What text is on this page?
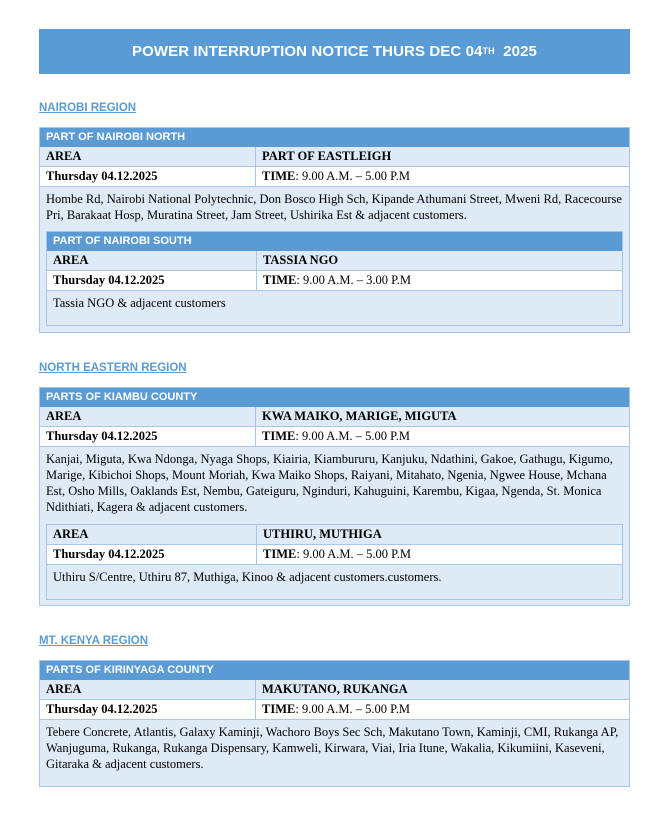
POWER INTERRUPTION NOTICE THURS DEC 04TH
2025
NAIROBI REGION
PART OF NAIROBI NORTH
AREA	PART OF EASTLEIGH
Thursday 04.12.2025	TIME: 9.00 A.M. – 5.00 P.M
Hombe Rd, Nairobi National Polytechnic, Don Bosco High Sch, Kipande Athumani Street, Mweni Rd, Racecourse Pri, Barakaat Hosp, Muratina Street, Jam Street, Ushirika Est & adjacent customers.
PART OF NAIROBI SOUTH
AREA	TASSIA NGO
Thursday 04.12.2025	TIME: 9.00 A.M. – 3.00 P.M
Tassia NGO & adjacent customers
NORTH EASTERN REGION
PARTS OF KIAMBU COUNTY
AREA	KWA MAIKO, MARIGE, MIGUTA
Thursday 04.12.2025	TIME: 9.00 A.M. – 5.00 P.M
Kanjai, Miguta, Kwa Ndonga, Nyaga Shops, Kiairia, Kiambururu, Kanjuku, Ndathini, Gakoe, Gathugu, Kigumo, Marige, Kibichoi Shops, Mount Moriah, Kwa Maiko Shops, Raiyani, Mitahato, Ngenia, Ngwee House, Mchana Est, Osho Mills, Oaklands Est, Nembu, Gateiguru, Nginduri, Kahuguini, Karembu, Kigaa, Ngenda, St. Monica Ndithiati, Kagera & adjacent customers.
AREA	UTHIRU, MUTHIGA
Thursday 04.12.2025	TIME: 9.00 A.M. – 5.00 P.M
Uthiru S/Centre, Uthiru 87, Muthiga, Kinoo & adjacent customers.customers.
MT. KENYA REGION
PARTS OF KIRINYAGA COUNTY
AREA	MAKUTANO, RUKANGA
Thursday 04.12.2025	TIME: 9.00 A.M. – 5.00 P.M
Tebere Concrete, Atlantis, Galaxy Kaminji, Wachoro Boys Sec Sch, Makutano Town, Kaminji, CMI, Rukanga AP, Wanjuguma, Rukanga, Rukanga Dispensary, Kamweli, Kirwara, Viai, Iria Itune, Wakalia, Kikumiini, Kaseveni, Gitaraka & adjacent customers.
